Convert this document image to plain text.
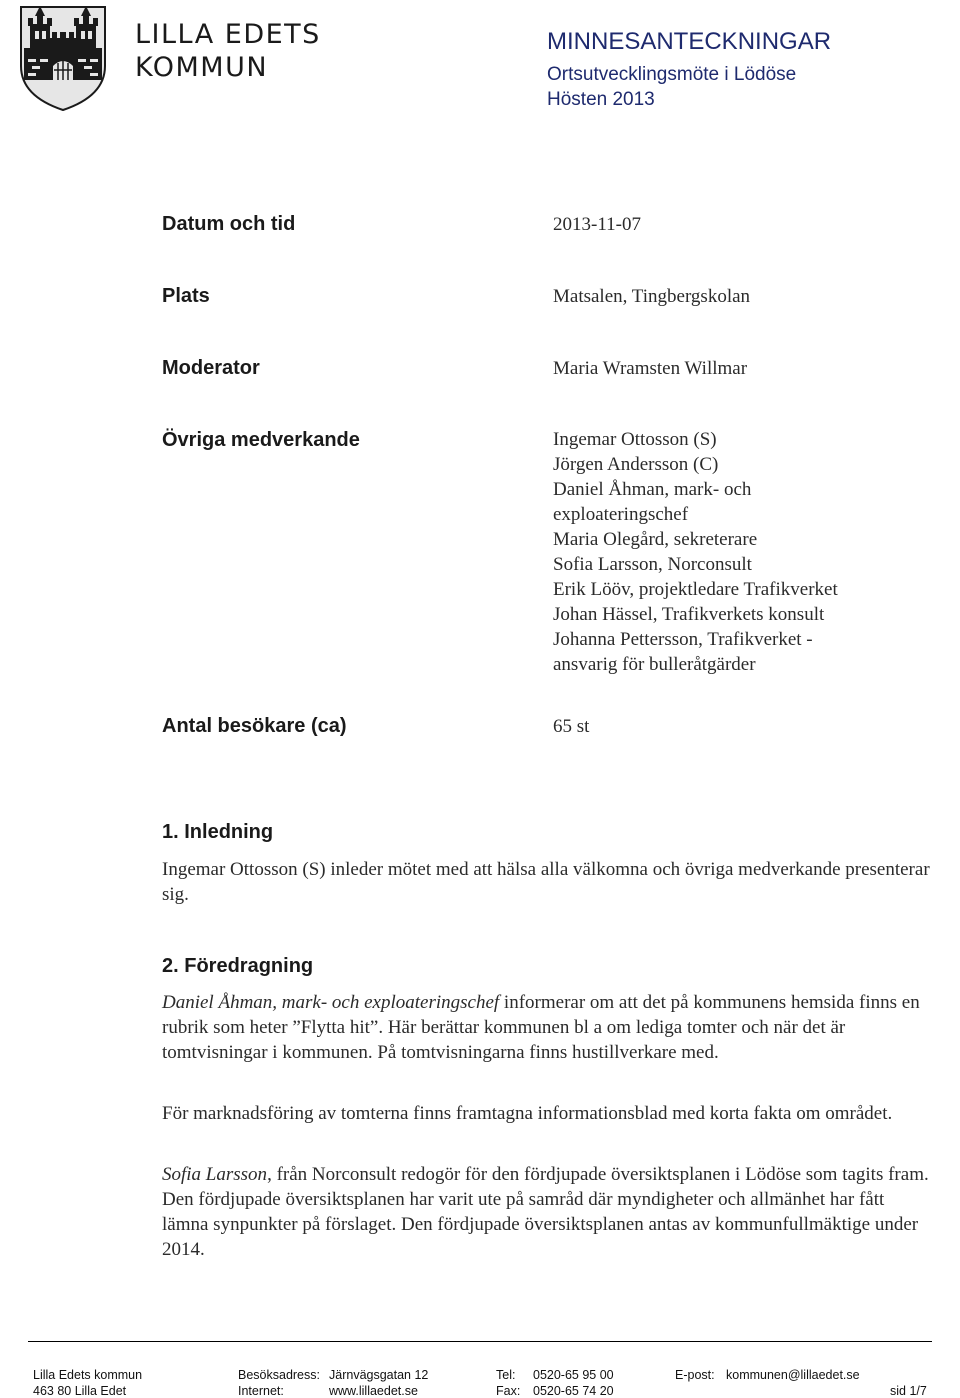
LILLA EDETS
KOMMUN
MINNESANTECKNINGAR
Ortsutvecklingsmöte i Lödöse
Hösten 2013
Datum och tid	2013-11-07
Plats	Matsalen, Tingbergskolan
Moderator	Maria Wramsten Willmar
Övriga medverkande	Ingemar Ottosson (S)
Jörgen Andersson (C)
Daniel Åhman, mark- och
exploateringschef
Maria Olegård, sekreterare
Sofia Larsson, Norconsult
Erik Lööv, projektledare Trafikverket
Johan Hässel, Trafikverkets konsult
Johanna Pettersson, Trafikverket -
ansvarig för bulleråtgärder
Antal besökare (ca)	65 st
1. Inledning
Ingemar Ottosson (S) inleder mötet med att hälsa alla välkomna och övriga medverkande presenterar sig.
2. Föredragning
Daniel Åhman, mark- och exploateringschef informerar om att det på kommunens hemsida finns en rubrik som heter ”Flytta hit”. Här berättar kommunen bl a om lediga tomter och när det är tomtvisningar i kommunen. På tomtvisningarna finns hustillverkare med.
För marknadsföring av tomterna finns framtagna informationsblad med korta fakta om området.
Sofia Larsson, från Norconsult redogör för den fördjupade översiktsplanen i Lödöse som tagits fram. Den fördjupade översiktsplanen har varit ute på samråd där myndigheter och allmänhet har fått lämna synpunkter på förslaget. Den fördjupade översiktsplanen antas av kommunfullmäktige under 2014.
Lilla Edets kommun
463 80 Lilla Edet
Besöksadress: Järnvägsgatan 12
Internet:	www.lillaedet.se
Tel: 0520-65 95 00
Fax: 0520-65 74 20
E-post: kommunen@lillaedet.se
sid 1/7
